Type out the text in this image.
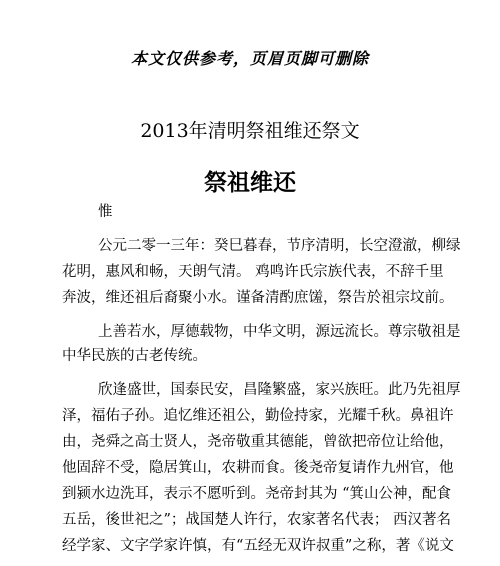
本文仅供参考，页眉页脚可删除
2013年清明祭祖维还祭文
祭祖维还
惟
公元二零一三年：癸巳暮春，节序清明，长空澄澈，柳绿
花明，惠风和畅，天朗气清。 鸡鸣许氏宗族代表，不辞千里
奔波，维还祖后裔聚小水。谨备清酌庶馐，祭告於祖宗坟前。
上善若水，厚德载物，中华文明，源远流长。尊宗敬祖是
中华民族的古老传统。
欣逢盛世，国泰民安，昌隆繁盛，家兴族旺。此乃先祖厚
泽，福佑子孙。追忆维还祖公，勤俭持家，光耀千秋。鼻祖许
由，尧舜之高士贤人，尧帝敬重其德能，曾欲把帝位让给他，
他固辞不受，隐居箕山，农耕而食。後尧帝复请作九州官，他
到颍水边洗耳，表示不愿听到。尧帝封其为 “箕山公神，配食
五岳，後世祀之”；战国楚人许行，农家著名代表； 西汉著名
经学家、文字学家许慎，有“五经无双许叔重”之称，著《说文
